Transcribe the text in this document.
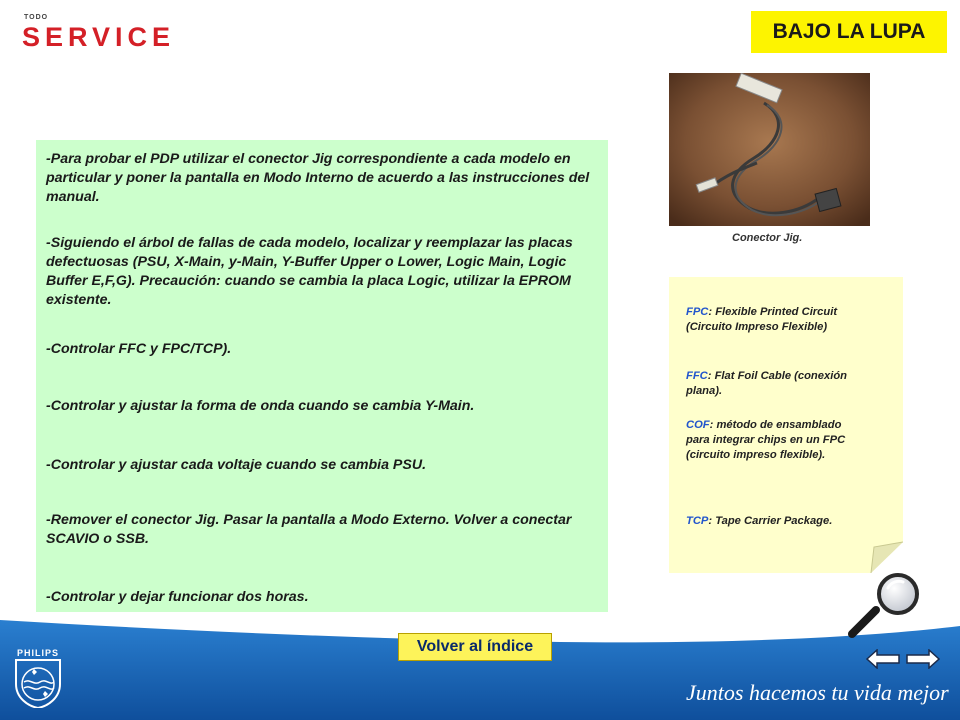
TODO
SERVICE	BAJO LA LUPA

-Para probar el PDP utilizar el conector Jig correspondiente a cada modelo en particular y poner la pantalla en Modo Interno de acuerdo a las instrucciones del manual.

-Siguiendo el árbol de fallas de cada modelo, localizar y reemplazar las placas defectuosas (PSU, X-Main, y-Main, Y-Buffer Upper o Lower, Logic Main, Logic Buffer E,F,G). Precaución: cuando se cambia la placa Logic, utilizar la EPROM existente.

-Controlar FFC y FPC/TCP).

-Controlar y ajustar la forma de onda cuando se cambia Y-Main.

-Controlar y ajustar cada voltaje cuando se cambia PSU.

-Remover el conector Jig. Pasar la pantalla a Modo Externo. Volver a conectar SCAVIO o SSB.

-Controlar y dejar funcionar dos horas.

Conector Jig.
FPC: Flexible Printed Circuit (Circuito Impreso Flexible)
FFC: Flat Foil Cable (conexión plana).
COF: método de ensamblado para integrar chips en un FPC (circuito impreso flexible).
TCP: Tape Carrier Package.
Volver al índice
PHILIPS
Juntos hacemos tu vida mejor
